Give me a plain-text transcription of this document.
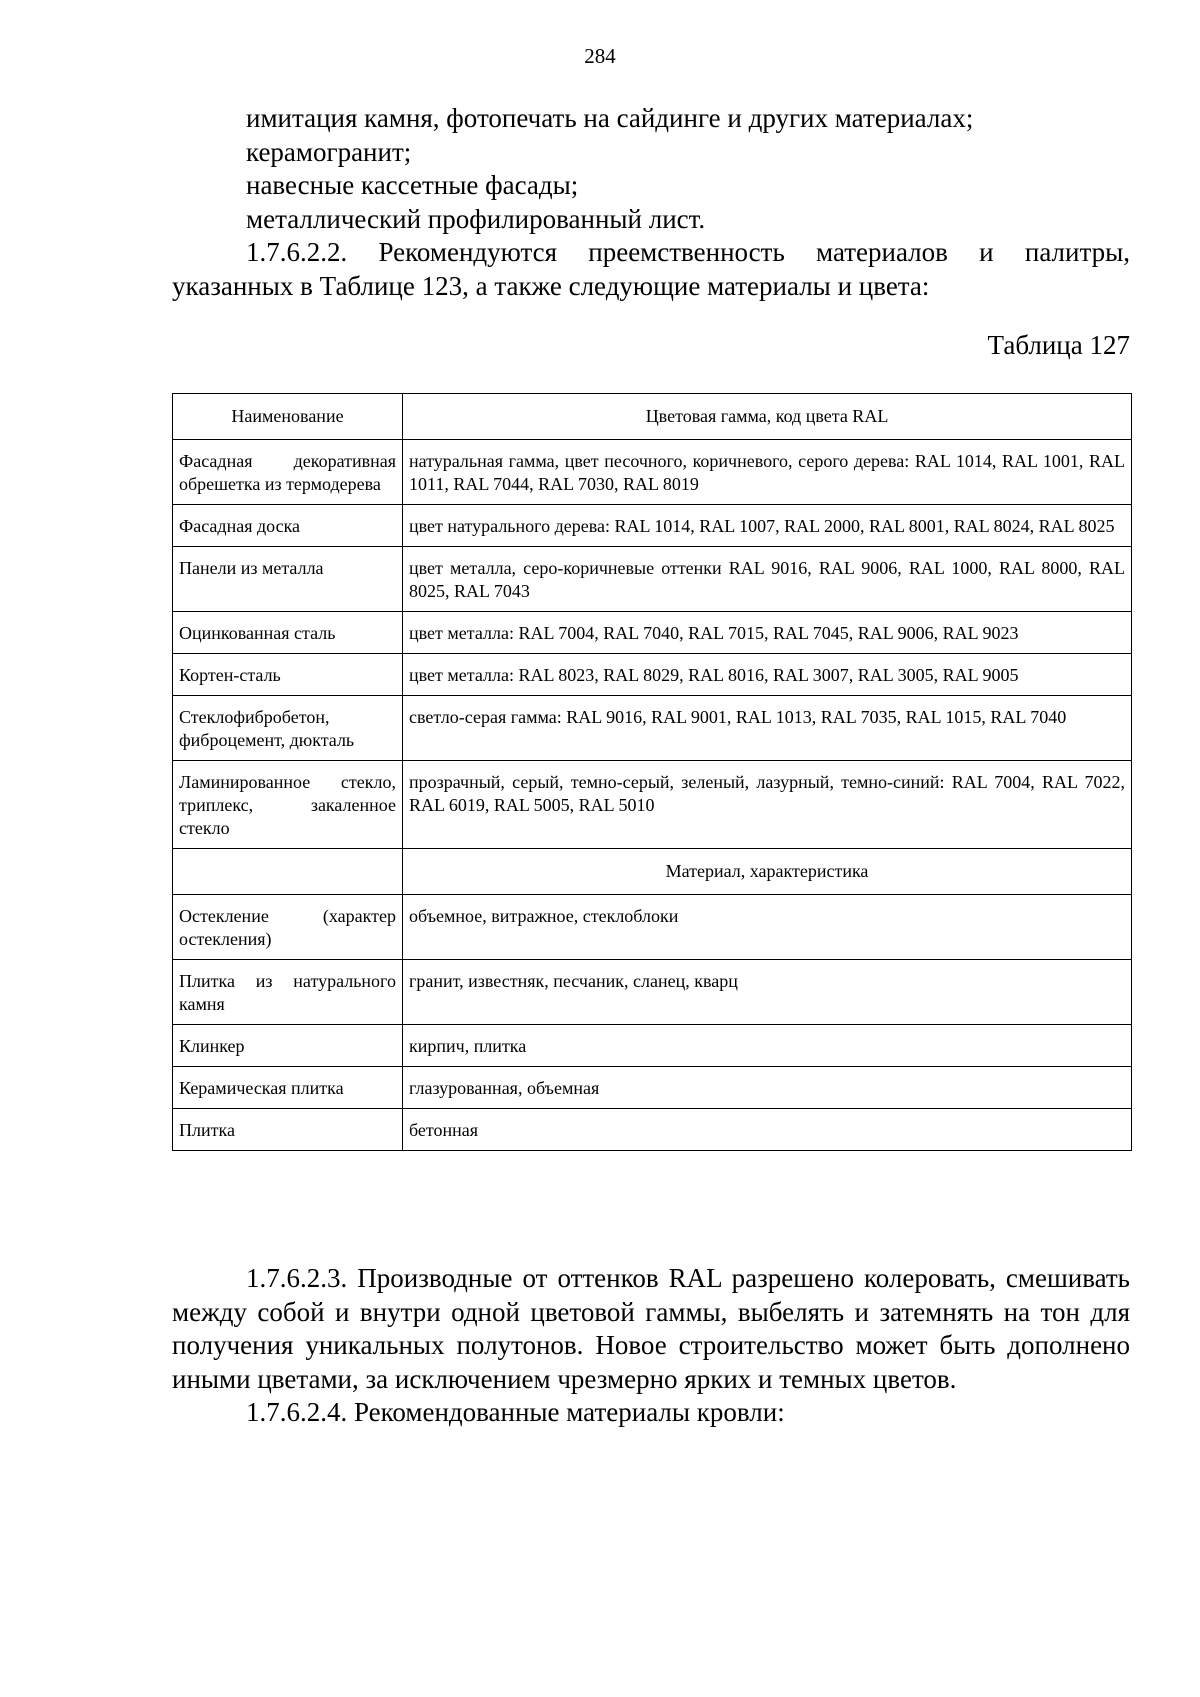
284

имитация камня, фотопечать на сайдинге и других материалах;

керамогранит;

навесные кассетные фасады;

металлический профилированный лист.

1.7.6.2.2. Рекомендуются преемственность материалов и палитры, указанных в Таблице 123, а также следующие материалы и цвета:

Таблица 127
Наименование	Цветовая гамма, код цвета RAL
Фасадная декоративная обрешетка из термодерева	натуральная гамма, цвет песочного, коричневого, серого дерева: RAL 1014, RAL 1001, RAL 1011, RAL 7044, RAL 7030, RAL 8019
Фасадная доска	цвет натурального дерева: RAL 1014, RAL 1007, RAL 2000, RAL 8001, RAL 8024, RAL 8025
Панели из металла	цвет металла, серо-коричневые оттенки RAL 9016, RAL 9006, RAL 1000, RAL 8000, RAL 8025, RAL 7043
Оцинкованная сталь	цвет металла: RAL 7004, RAL 7040, RAL 7015, RAL 7045, RAL 9006, RAL 9023
Кортен-сталь	цвет металла: RAL 8023, RAL 8029, RAL 8016, RAL 3007, RAL 3005, RAL 9005
Стеклофибробетон, фиброцемент, дюкталь	светло-серая гамма: RAL 9016, RAL 9001, RAL 1013, RAL 7035, RAL 1015, RAL 7040
Ламинированное стекло, триплекс, закаленное стекло	прозрачный, серый, темно-серый, зеленый, лазурный, темно-синий: RAL 7004, RAL 7022, RAL 6019, RAL 5005, RAL 5010
	Материал, характеристика
Остекление (характер остекления)	объемное, витражное, стеклоблоки
Плитка из натурального камня	гранит, известняк, песчаник, сланец, кварц
Клинкер	кирпич, плитка
Керамическая плитка	глазурованная, объемная
Плитка	бетонная

1.7.6.2.3. Производные от оттенков RAL разрешено колеровать, смешивать между собой и внутри одной цветовой гаммы, выбелять и затемнять на тон для получения уникальных полутонов. Новое строительство может быть дополнено иными цветами, за исключением чрезмерно ярких и темных цветов.

1.7.6.2.4. Рекомендованные материалы кровли:
